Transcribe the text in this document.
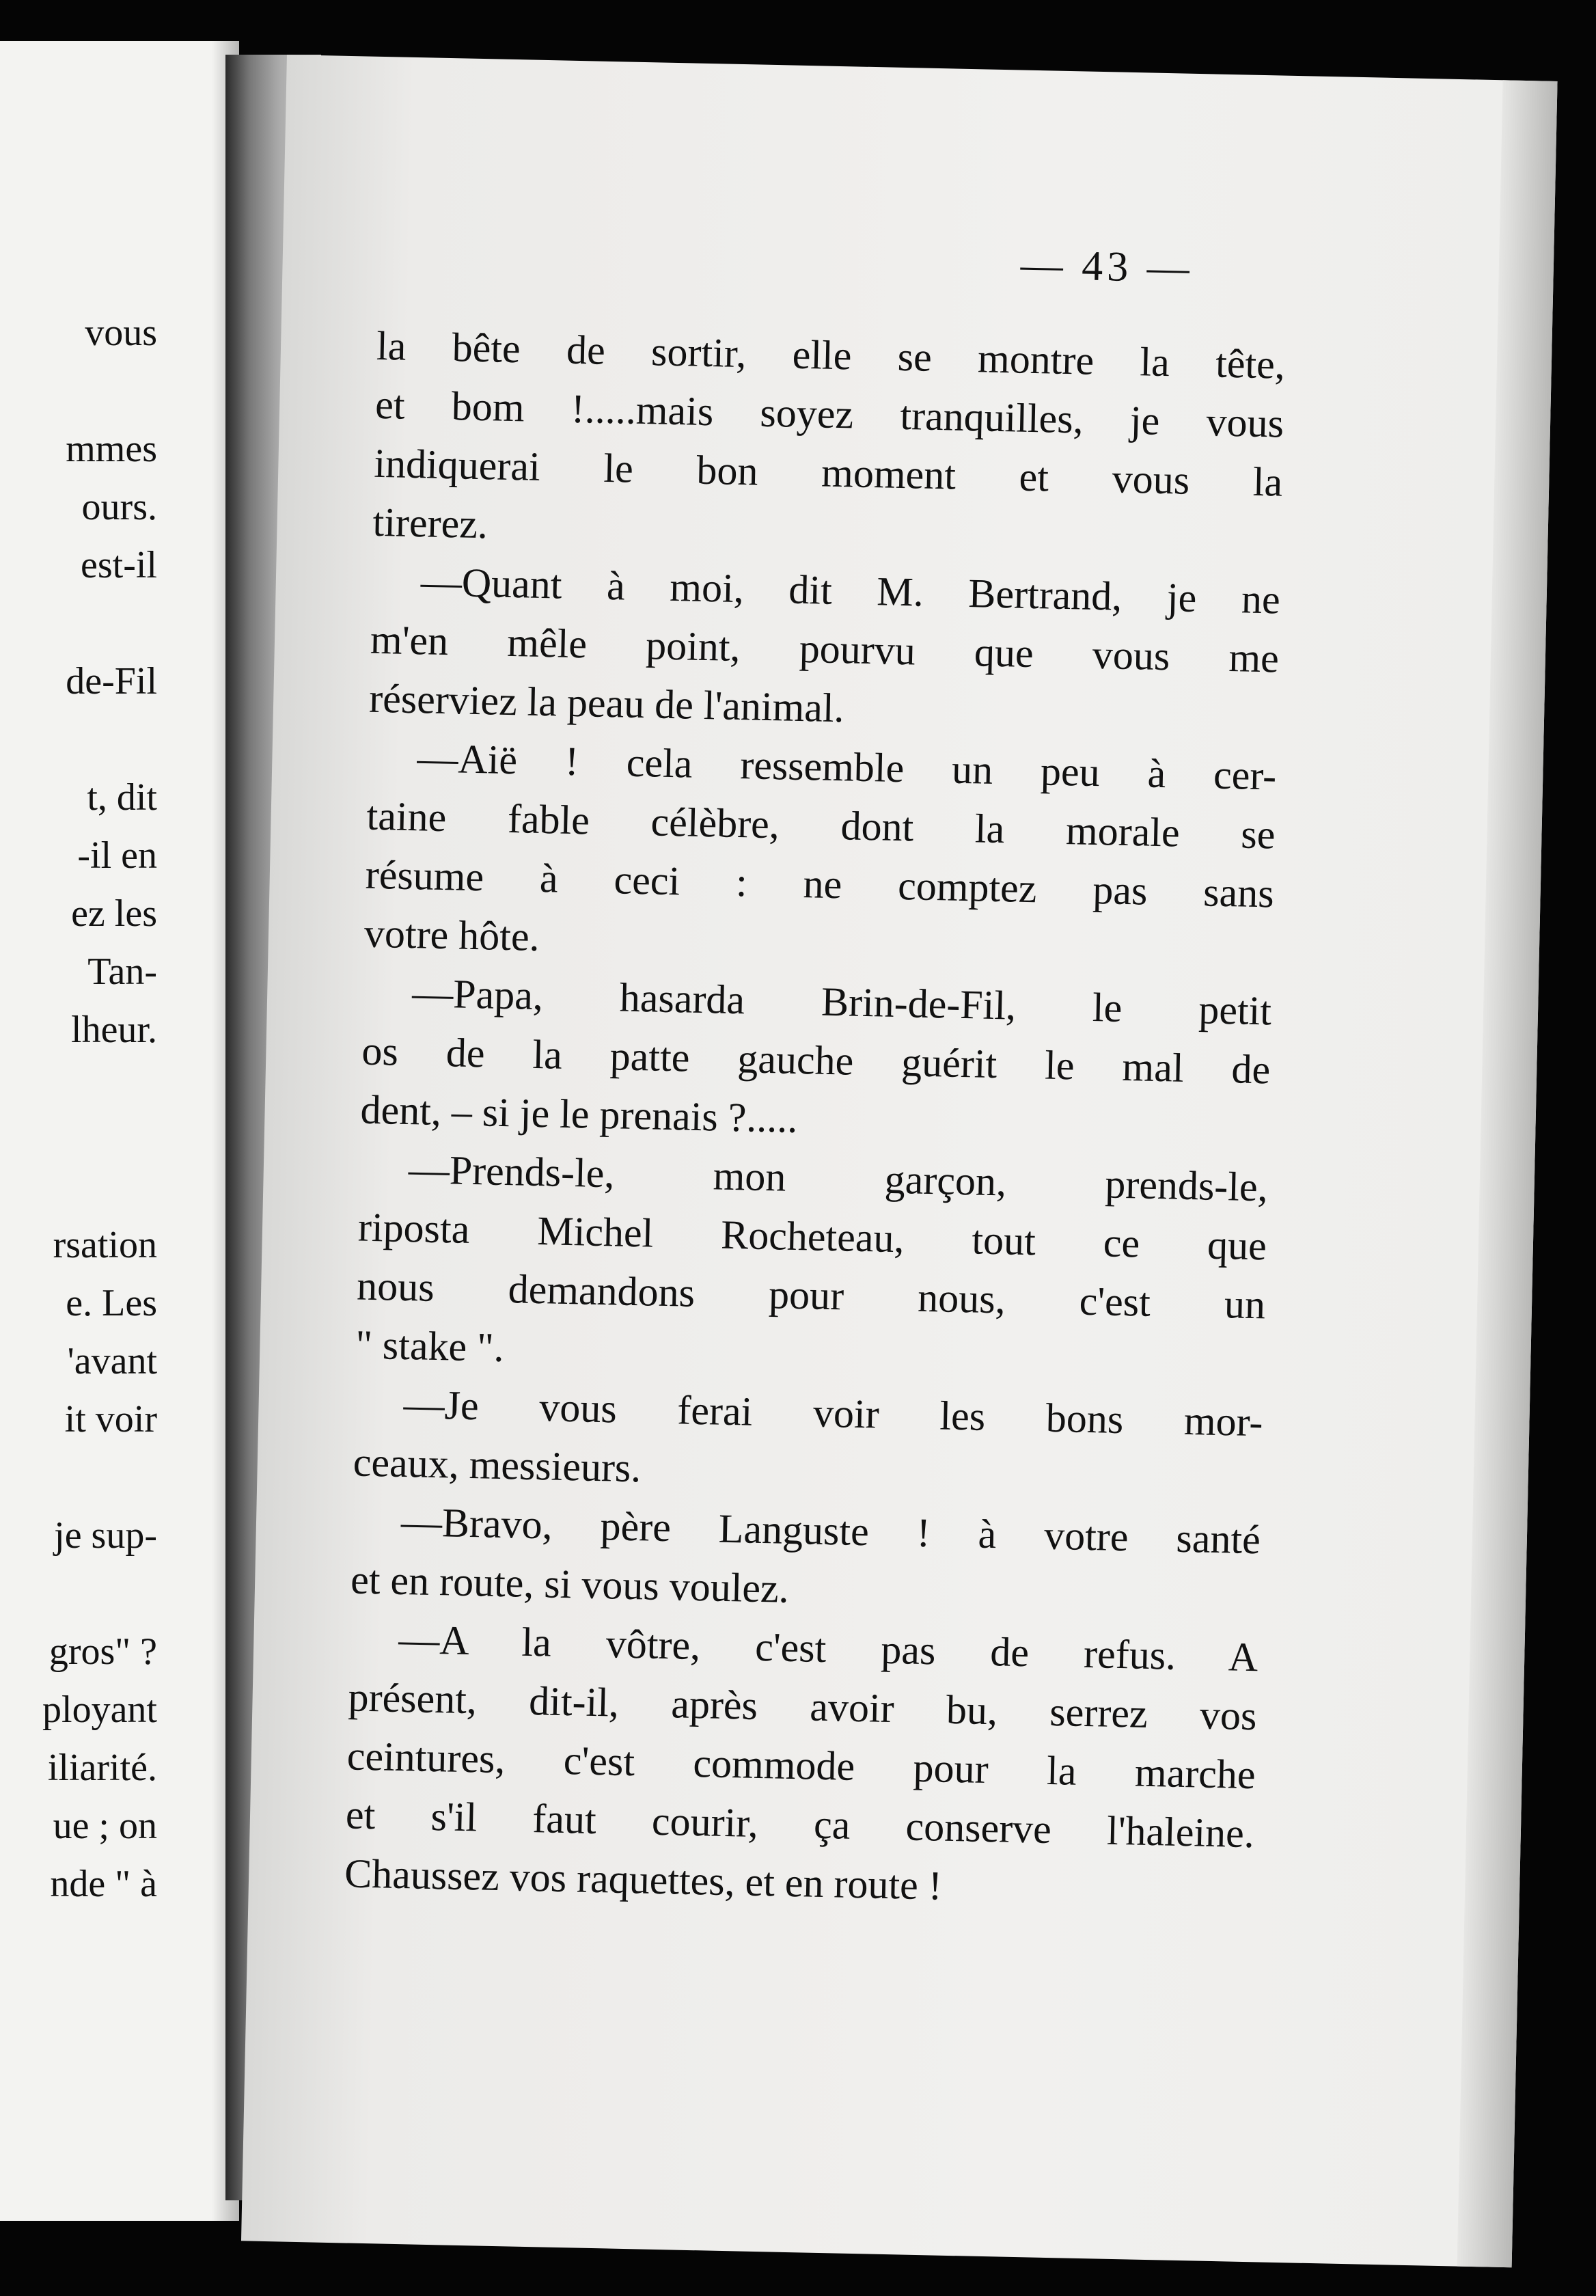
vous
mmes
ours.
est-il
de-Fil
t, dit
-il en
ez les
Tan-
lheur.
rsation
e. Les
'avant
it voir
je sup-
gros" ?
ployant
iliarité.
ue ; on
nde " à
— 43 —
la bête de sortir, elle se montre la tête,
et bom !.....mais soyez tranquilles, je vous
indiquerai le bon moment et vous la
tirerez.
—Quant à moi, dit M. Bertrand, je ne
m'en mêle point, pourvu que vous me
réserviez la peau de l'animal.
—Aië ! cela ressemble un peu à cer-
taine fable célèbre, dont la morale se
résume à ceci : ne comptez pas sans
votre hôte.
—Papa, hasarda Brin-de-Fil, le petit
os de la patte gauche guérit le mal de
dent, – si je le prenais ?.....
—Prends-le, mon garçon, prends-le,
riposta Michel Rocheteau, tout ce que
nous demandons pour nous, c'est un
" stake ".
—Je vous ferai voir les bons mor-
ceaux, messieurs.
—Bravo, père Languste ! à votre santé
et en route, si vous voulez.
—A la vôtre, c'est pas de refus. A
présent, dit-il, après avoir bu, serrez vos
ceintures, c'est commode pour la marche
et s'il faut courir, ça conserve l'haleine.
Chaussez vos raquettes, et en route !
